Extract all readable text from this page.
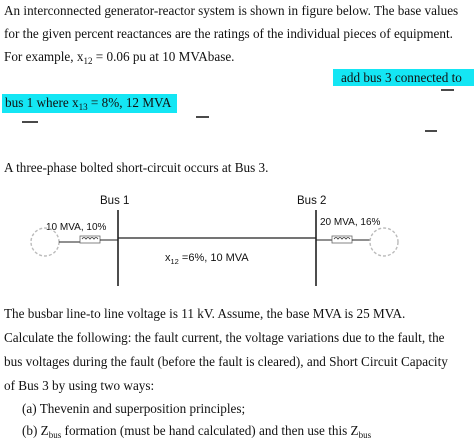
An interconnected generator-reactor system is shown in figure below. The base values
for the given percent reactances are the ratings of the individual pieces of equipment.
For example, $x_{12} = 0.06$ pu at 10 MVAbase.
add bus 3 connected to
bus 1 where $x_{13} = 8\%$, 12 MVA
A three-phase bolted short-circuit occurs at Bus 3.
Bus 1	Bus 2
10 MVA, 10%	20 MVA, 16%
$x_{12} =6\%$, 10 MVA
The busbar line-to line voltage is 11 kV. Assume, the base MVA is 25 MVA.
Calculate the following: the fault current, the voltage variations due to the fault, the
bus voltages during the fault (before the fault is cleared), and Short Circuit Capacity
of Bus 3 by using two ways:
(a) Thevenin and superposition principles;
(b) $Z_{bus}$ formation (must be hand calculated) and then use this $Z_{bus}$
